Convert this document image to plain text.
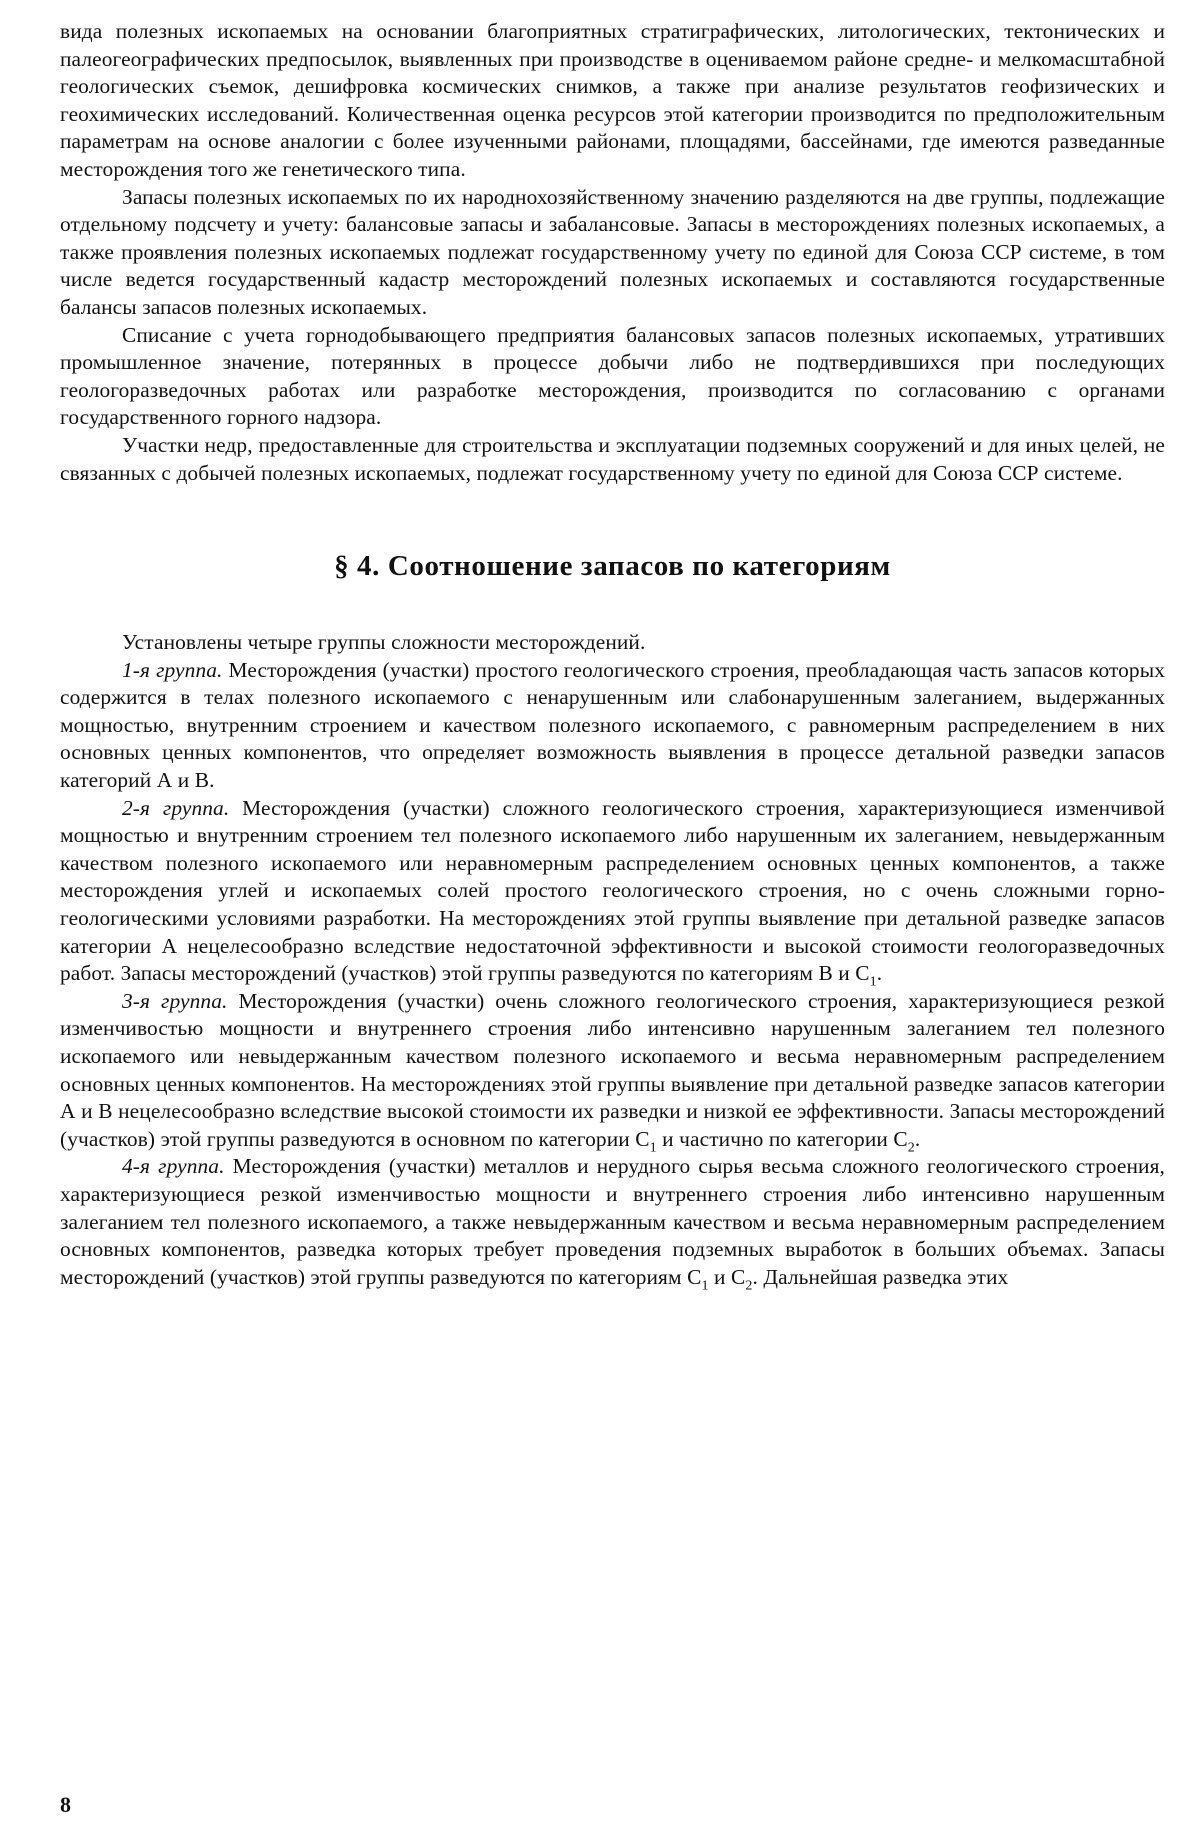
вида полезных ископаемых на основании благоприятных стратиграфических, литологических, тектонических и палеогеографических предпосылок, выявленных при производстве в оцениваемом районе средне- и мелкомасштабной геологических съемок, дешифровка космических снимков, а также при анализе результатов геофизических и геохимических исследований. Количественная оценка ресурсов этой категории производится по предположительным параметрам на основе аналогии с более изученными районами, площадями, бассейнами, где имеются разведанные месторождения того же генетического типа.

Запасы полезных ископаемых по их народнохозяйственному значению разделяются на две группы, подлежащие отдельному подсчету и учету: балансовые запасы и забалансовые. Запасы в месторождениях полезных ископаемых, а также проявления полезных ископаемых подлежат государственному учету по единой для Союза ССР системе, в том числе ведется государственный кадастр месторождений полезных ископаемых и составляются государственные балансы запасов полезных ископаемых.

Списание с учета горнодобывающего предприятия балансовых запасов полезных ископаемых, утративших промышленное значение, потерянных в процессе добычи либо не подтвердившихся при последующих геологоразведочных работах или разработке месторождения, производится по согласованию с органами государственного горного надзора.

Участки недр, предоставленные для строительства и эксплуатации подземных сооружений и для иных целей, не связанных с добычей полезных ископаемых, подлежат государственному учету по единой для Союза ССР системе.

§ 4. Соотношение запасов по категориям

Установлены четыре группы сложности месторождений.

1-я группа. Месторождения (участки) простого геологического строения, преобладающая часть запасов которых содержится в телах полезного ископаемого с ненарушенным или слабонарушенным залеганием, выдержанных мощностью, внутренним строением и качеством полезного ископаемого, с равномерным распределением в них основных ценных компонентов, что определяет возможность выявления в процессе детальной разведки запасов категорий А и В.

2-я группа. Месторождения (участки) сложного геологического строения, характеризующиеся изменчивой мощностью и внутренним строением тел полезного ископаемого либо нарушенным их залеганием, невыдержанным качеством полезного ископаемого или неравномерным распределением основных ценных компонентов, а также месторождения углей и ископаемых солей простого геологического строения, но с очень сложными горно-геологическими условиями разработки. На месторождениях этой группы выявление при детальной разведке запасов категории А нецелесообразно вследствие недостаточной эффективности и высокой стоимости геологоразведочных работ. Запасы месторождений (участков) этой группы разведуются по категориям В и $С_1$.

3-я группа. Месторождения (участки) очень сложного геологического строения, характеризующиеся резкой изменчивостью мощности и внутреннего строения либо интенсивно нарушенным залеганием тел полезного ископаемого или невыдержанным качеством полезного ископаемого и весьма неравномерным распределением основных ценных компонентов. На месторождениях этой группы выявление при детальной разведке запасов категории А и В нецелесообразно вследствие высокой стоимости их разведки и низкой ее эффективности. Запасы месторождений (участков) этой группы разведуются в основном по категории $С_1$ и частично по категории $С_2$.

4-я группа. Месторождения (участки) металлов и нерудного сырья весьма сложного геологического строения, характеризующиеся резкой изменчивостью мощности и внутреннего строения либо интенсивно нарушенным залеганием тел полезного ископаемого, а также невыдержанным качеством и весьма неравномерным распределением основных компонентов, разведка которых требует проведения подземных выработок в больших объемах. Запасы месторождений (участков) этой группы разведуются по категориям $С_1$ и $С_2$. Дальнейшая разведка этих

8
